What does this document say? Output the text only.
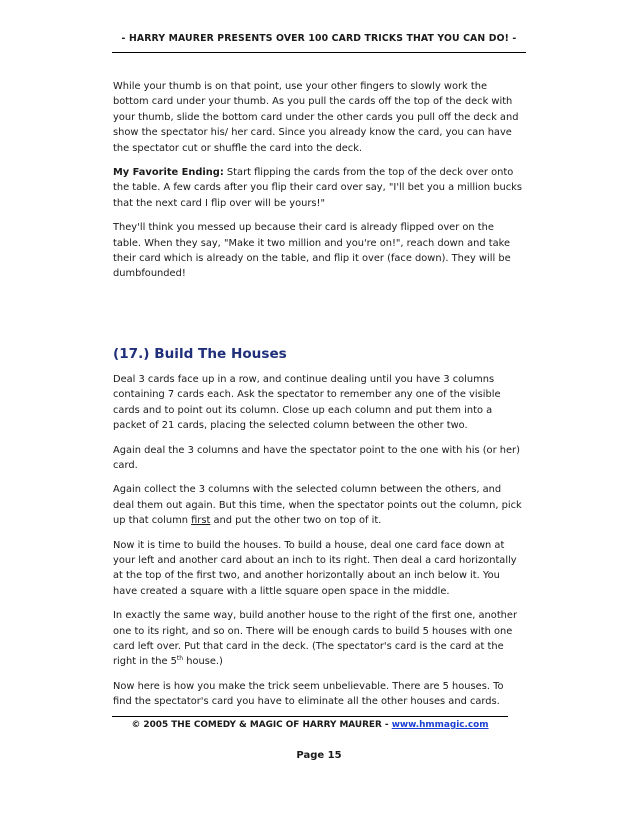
- HARRY MAURER PRESENTS OVER 100 CARD TRICKS THAT YOU CAN DO! -

While your thumb is on that point, use your other fingers to slowly work the bottom card under your thumb. As you pull the cards off the top of the deck with your thumb, slide the bottom card under the other cards you pull off the deck and show the spectator his/ her card. Since you already know the card, you can have the spectator cut or shuffle the card into the deck.

My Favorite Ending: Start flipping the cards from the top of the deck over onto the table. A few cards after you flip their card over say, "I'll bet you a million bucks that the next card I flip over will be yours!"

They'll think you messed up because their card is already flipped over on the table. When they say, "Make it two million and you're on!", reach down and take their card which is already on the table, and flip it over (face down). They will be dumbfounded!

(17.) Build The Houses

Deal 3 cards face up in a row, and continue dealing until you have 3 columns containing 7 cards each. Ask the spectator to remember any one of the visible cards and to point out its column. Close up each column and put them into a packet of 21 cards, placing the selected column between the other two.

Again deal the 3 columns and have the spectator point to the one with his (or her) card.

Again collect the 3 columns with the selected column between the others, and deal them out again. But this time, when the spectator points out the column, pick up that column first and put the other two on top of it.

Now it is time to build the houses. To build a house, deal one card face down at your left and another card about an inch to its right. Then deal a card horizontally at the top of the first two, and another horizontally about an inch below it. You have created a square with a little square open space in the middle.

In exactly the same way, build another house to the right of the first one, another one to its right, and so on. There will be enough cards to build 5 houses with one card left over. Put that card in the deck. (The spectator's card is the card at the right in the 5th house.)

Now here is how you make the trick seem unbelievable. There are 5 houses. To find the spectator's card you have to eliminate all the other houses and cards.

© 2005 THE COMEDY & MAGIC OF HARRY MAURER - www.hmmagic.com
Page 15
